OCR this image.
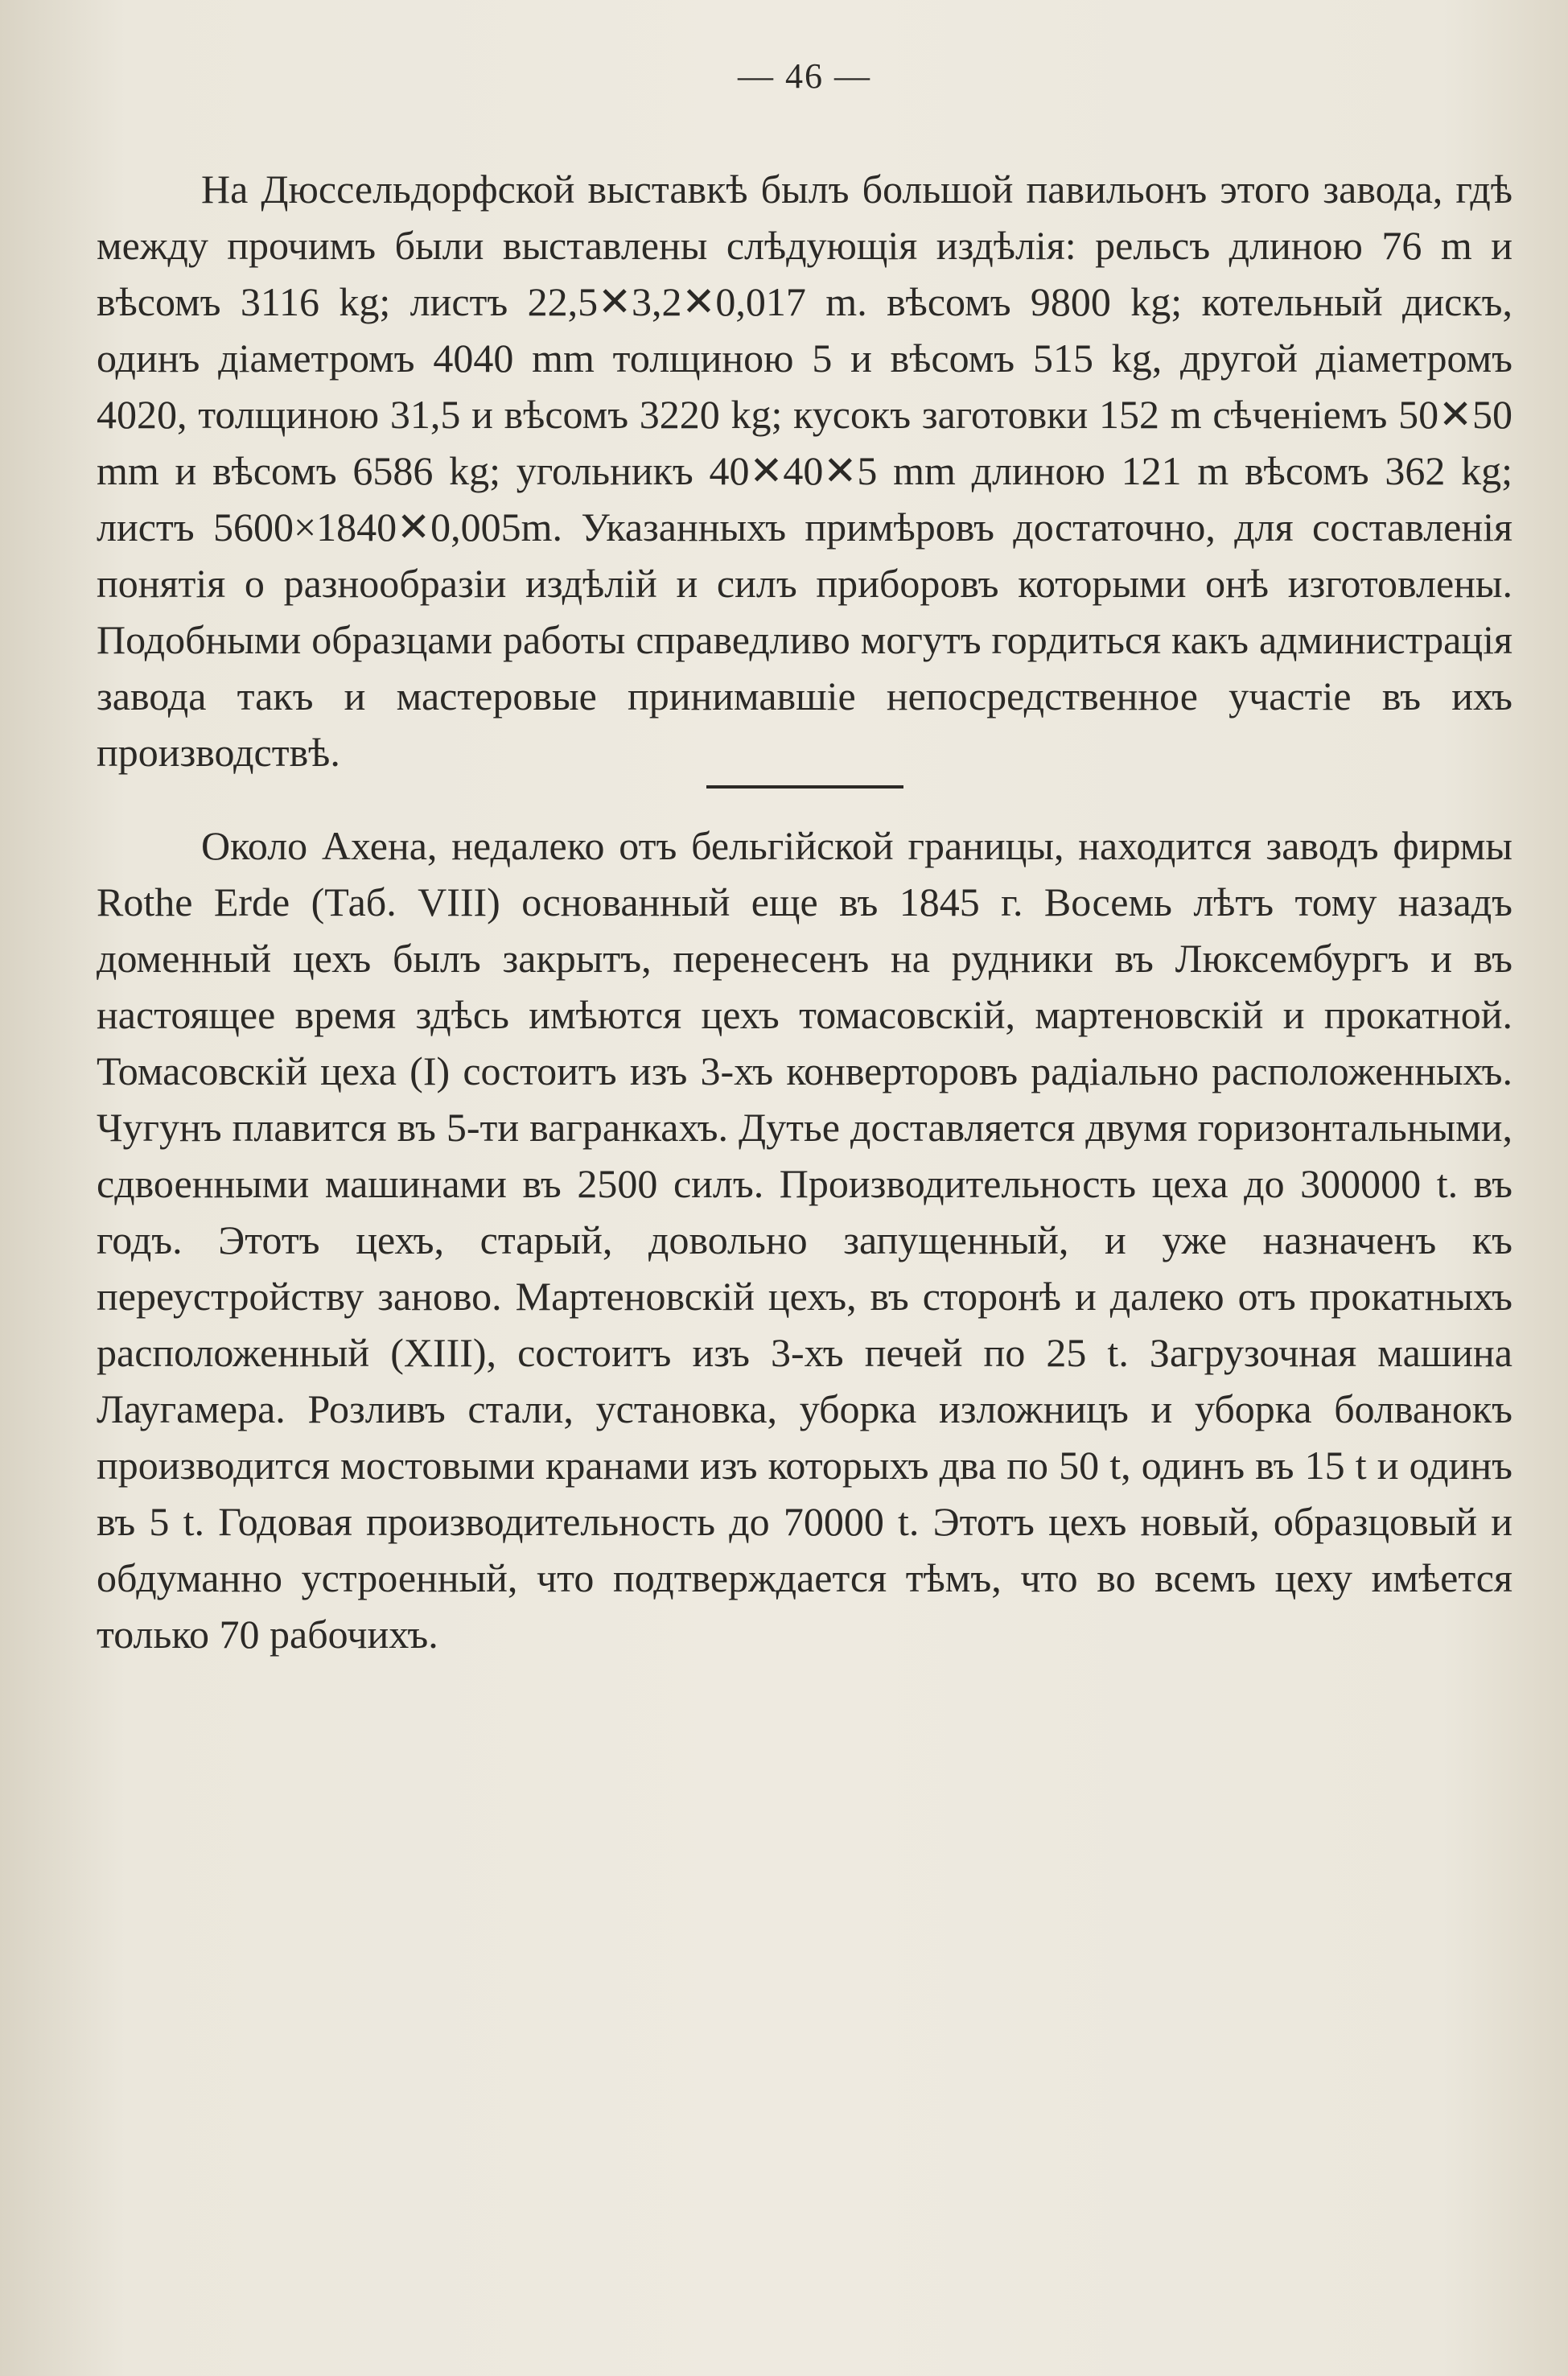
— 46 —

На Дюссельдорфской выставкѣ былъ большой павильонъ этого завода, гдѣ между прочимъ были выставлены слѣдующія издѣлія: рельсъ длиною 76 m и вѣсомъ 3116 kg; листъ 22,5✕3,2✕0,017 m. вѣсомъ 9800 kg; котельный дискъ, одинъ діаметромъ 4040 mm толщиною 5 и вѣсомъ 515 kg, другой діаметромъ 4020, толщиною 31,5 и вѣсомъ 3220 kg; кусокъ заготовки 152 m сѣченіемъ 50✕50 mm и вѣсомъ 6586 kg; угольникъ 40✕40✕5 mm длиною 121 m вѣсомъ 362 kg; листъ 5600×1840✕0,005m. Указанныхъ примѣровъ достаточно, для составленія понятія о разнообразіи издѣлій и силъ приборовъ которыми онѣ изготовлены. Подобными образцами работы справедливо могутъ гордиться какъ администрація завода такъ и мастеровые принимавшіе непосредственное участіе въ ихъ производствѣ.

Около Ахена, недалеко отъ бельгійской границы, находится заводъ фирмы Rothe Erde (Таб. VIII) основанный еще въ 1845 г. Восемь лѣтъ тому назадъ доменный цехъ былъ закрытъ, перенесенъ на рудники въ Люксембургъ и въ настоящее время здѣсь имѣются цехъ томасовскій, мартеновскій и прокатной. Томасовскій цеха (I) состоитъ изъ 3-хъ конверторовъ радіально расположенныхъ. Чугунъ плавится въ 5-ти вагранкахъ. Дутье доставляется двумя горизонтальными, сдвоенными машинами въ 2500 силъ. Производительность цеха до 300000 t. въ годъ. Этотъ цехъ, старый, довольно запущенный, и уже назначенъ къ переустройству заново. Мартеновскій цехъ, въ сторонѣ и далеко отъ прокатныхъ расположенный (XIII), состоитъ изъ 3-хъ печей по 25 t. Загрузочная машина Лаугамера. Розливъ стали, установка, уборка изложницъ и уборка болванокъ производится мостовыми кранами изъ которыхъ два по 50 t, одинъ въ 15 t и одинъ въ 5 t. Годовая производительность до 70000 t. Этотъ цехъ новый, образцовый и обдуманно устроенный, что подтверждается тѣмъ, что во всемъ цеху имѣется только 70 рабочихъ.
